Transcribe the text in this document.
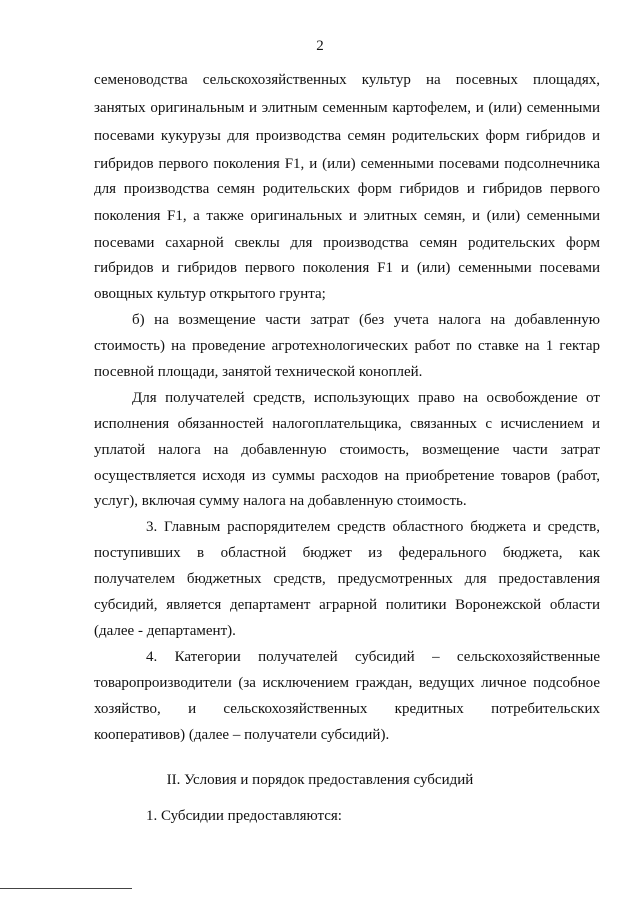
2
семеноводства сельскохозяйственных культур на посевных площадях,
занятых оригинальным и элитным семенным картофелем, и (или) семенными
посевами кукурузы для производства семян родительских форм гибридов и
гибридов первого поколения F1, и (или) семенными посевами подсолнечника
для производства семян родительских форм гибридов и гибридов первого
поколения F1, а также оригинальных и элитных семян, и (или) семенными
посевами сахарной свеклы для производства семян родительских форм
гибридов и гибридов первого поколения F1 и (или) семенными посевами
овощных культур открытого грунта;
б) на возмещение части затрат (без учета налога на добавленную
стоимость) на проведение агротехнологических работ по ставке на 1 гектар
посевной площади, занятой технической коноплей.
Для получателей средств, использующих право на освобождение от
исполнения обязанностей налогоплательщика, связанных с исчислением и
уплатой налога на добавленную стоимость, возмещение части затрат
осуществляется исходя из суммы расходов на приобретение товаров (работ,
услуг), включая сумму налога на добавленную стоимость.
3. Главным распорядителем средств областного бюджета и средств,
поступивших в областной бюджет из федерального бюджета, как
получателем бюджетных средств, предусмотренных для предоставления
субсидий, является департамент аграрной политики Воронежской области
(далее - департамент).
4. Категории получателей субсидий – сельскохозяйственные
товаропроизводители (за исключением граждан, ведущих личное подсобное
хозяйство, и сельскохозяйственных кредитных потребительских
кооперативов) (далее – получатели субсидий).
II. Условия и порядок предоставления субсидий
1. Субсидии предоставляются:
